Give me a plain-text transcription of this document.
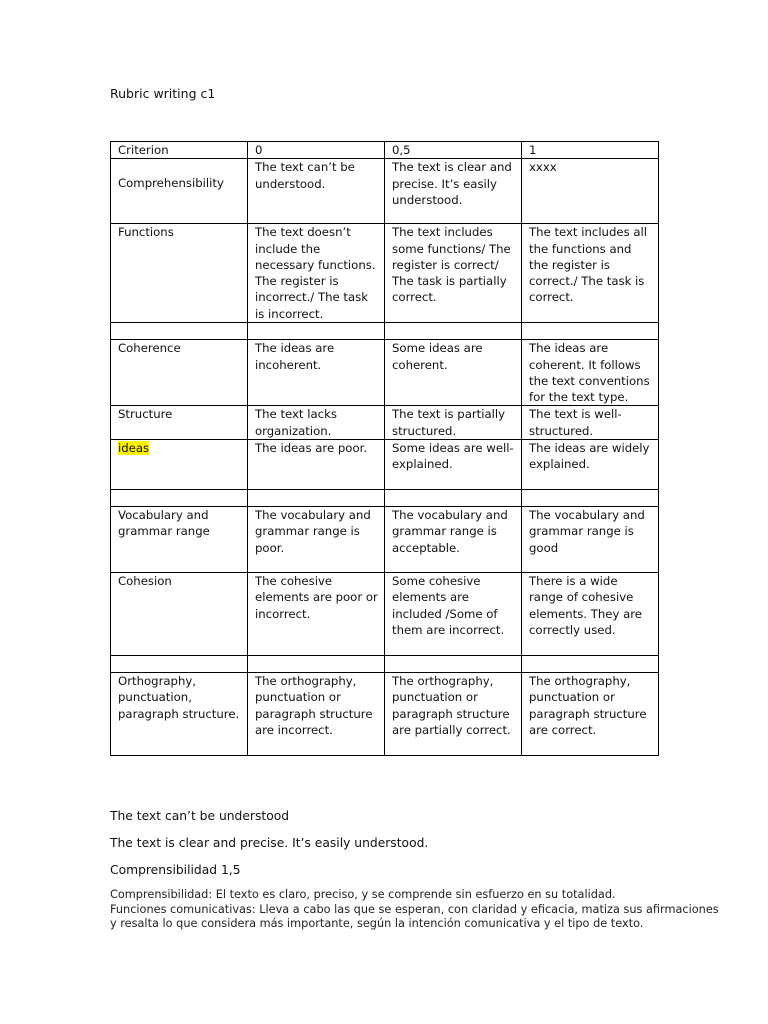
Rubric writing c1
Criterion	0	0,5	1
Comprehensibility	The text can’t be understood.	The text is clear and precise. It’s easily understood.	xxxx
Functions	The text doesn’t include the necessary functions. The register is incorrect./ The task is incorrect.	The text includes some functions/ The register is correct/ The task is partially correct.	The text includes all the functions and the register is correct./ The task is correct.

Coherence	The ideas are incoherent.	Some ideas are coherent.	The ideas are coherent. It follows the text conventions for the text type.
Structure	The text lacks organization.	The text is partially structured.	The text is well-structured.
ideas	The ideas are poor.	Some ideas are well-explained.	The ideas are widely explained.

Vocabulary and grammar range	The vocabulary and grammar range is poor.	The vocabulary and grammar range is acceptable.	The vocabulary and grammar range is good
Cohesion	The cohesive elements are poor or incorrect.	Some cohesive elements are included /Some of them are incorrect.	There is a wide range of cohesive elements. They are correctly used.

Orthography, punctuation, paragraph structure.	The orthography, punctuation or paragraph structure are incorrect.	The orthography, punctuation or paragraph structure are partially correct.	The orthography, punctuation or paragraph structure are correct.
The text can’t be understood
The text is clear and precise. It’s easily understood.
Comprensibilidad 1,5
Comprensibilidad: El texto es claro, preciso, y se comprende sin esfuerzo en su totalidad.
Funciones comunicativas: Lleva a cabo las que se esperan, con claridad y eficacia, matiza sus afirmaciones
y resalta lo que considera más importante, según la intención comunicativa y el tipo de texto.
